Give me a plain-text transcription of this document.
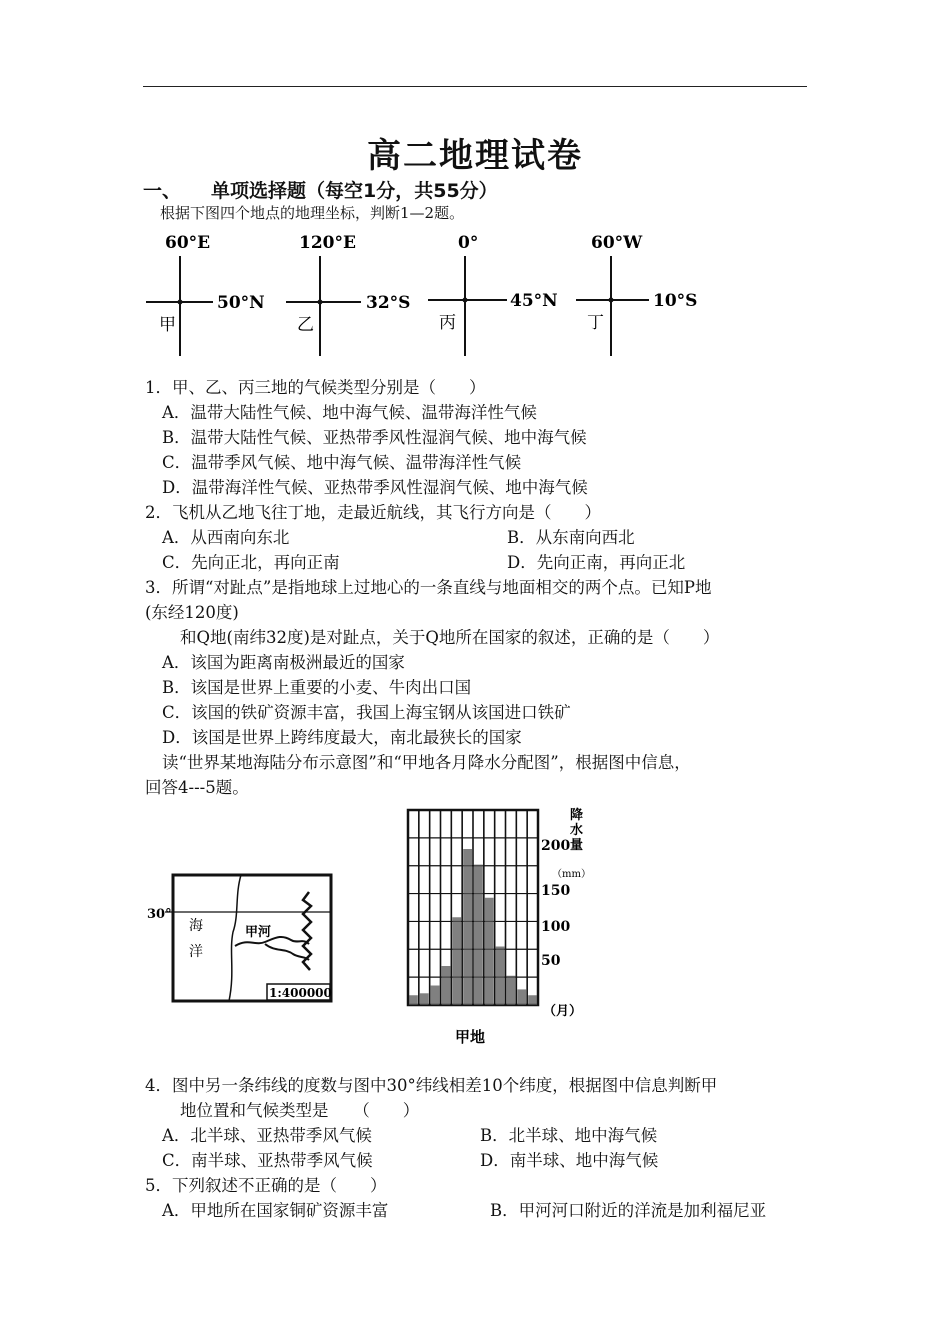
高二地理试卷
一、 单项选择题（每空1分，共55分）
根据下图四个地点的地理坐标，判断1—2题。
60°E
50°N
甲
120°E
32°S
乙
0°
45°N
丙
60°W
10°S
丁
1．甲、乙、丙三地的气候类型分别是（　　）
A．温带大陆性气候、地中海气候、温带海洋性气候
B．温带大陆性气候、亚热带季风性湿润气候、地中海气候
C．温带季风气候、地中海气候、温带海洋性气候
D．温带海洋性气候、亚热带季风性湿润气候、地中海气候
2．飞机从乙地飞往丁地，走最近航线，其飞行方向是（　　）
A．从西南向东北	B．从东南向西北
C．先向正北，再向正南	D．先向正南，再向正北
3．所谓“对趾点”是指地球上过地心的一条直线与地面相交的两个点。已知P地
(东经120度)
和Q地(南纬32度)是对趾点，关于Q地所在国家的叙述，正确的是（　　）
A．该国为距离南极洲最近的国家
B．该国是世界上重要的小麦、牛肉出口国
C．该国的铁矿资源丰富，我国上海宝钢从该国进口铁矿
D．该国是世界上跨纬度最大，南北最狭长的国家
读“世界某地海陆分布示意图”和“甲地各月降水分配图”，根据图中信息，
回答4---5题。
30°
海
洋
甲河
1:400000
降
水
量
200
（mm）
150
100
50
（月）
甲地
4．图中另一条纬线的度数与图中30°纬线相差10个纬度，根据图中信息判断甲
地位置和气候类型是　　（　　）
A．北半球、亚热带季风气候	B．北半球、地中海气候
C．南半球、亚热带季风气候	D．南半球、地中海气候
5．下列叙述不正确的是（　　）
A．甲地所在国家铜矿资源丰富	B．甲河河口附近的洋流是加利福尼亚
